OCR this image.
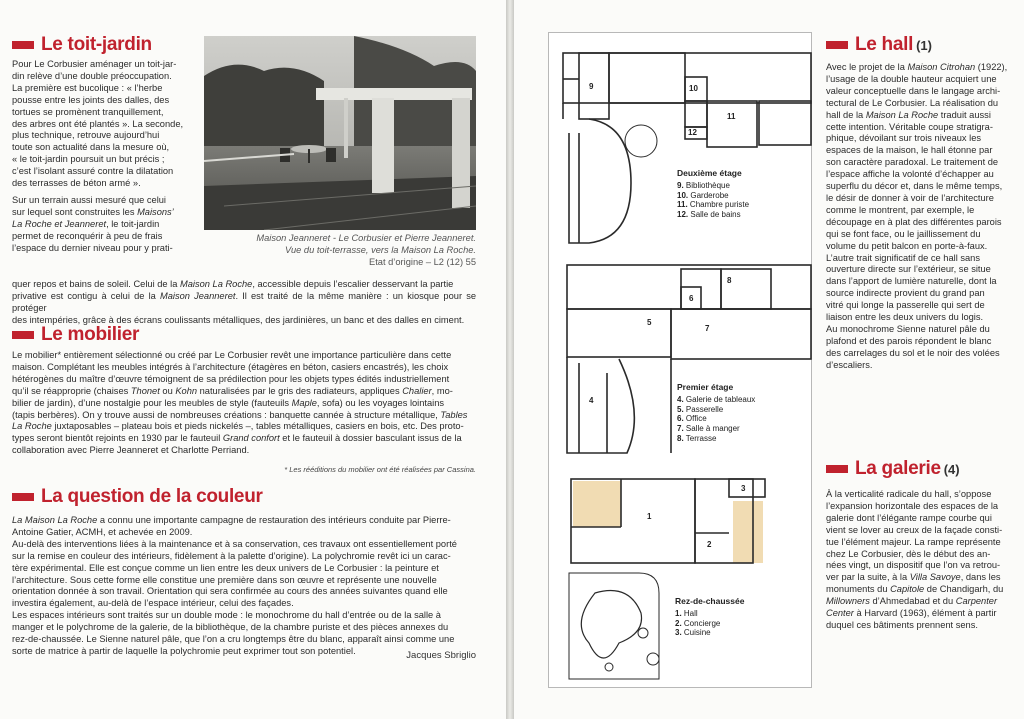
Le toit-jardin

Pour Le Corbusier aménager un toit-jar-

din relève d’une double préoccupation.

La première est bucolique : « l’herbe

pousse entre les joints des dalles, des

tortues se promènent tranquillement,

des arbres ont été plantés ». La seconde,

plus technique, retrouve aujourd’hui

toute son actualité dans la mesure où,

« le toit-jardin poursuit un but précis ;

c’est l’isolant assuré contre la dilatation

des terrasses de béton armé ».

Sur un terrain aussi mesuré que celui

sur lequel sont construites les Maisons’

La Roche et Jeanneret, le toit-jardin

permet de reconquérir à peu de frais

l’espace du dernier niveau pour y prati-

Maison Jeanneret - Le Corbusier et Pierre Jeanneret.

Vue du toit-terrasse, vers la Maison La Roche.

Etat d’origine – L2 (12) 55

quer repos et bains de soleil. Celui de la Maison La Roche, accessible depuis l’escalier desservant la partie

privative est contigu à celui de la Maison Jeanneret. Il est traité de la même manière : un kiosque pour se protéger

des intempéries, grâce à des écrans coulissants métalliques, des jardinières, un banc et des dalles en ciment.

Le mobilier

Le mobilier* entièrement sélectionné ou créé par Le Corbusier revêt une importance particulière dans cette

maison. Complétant les meubles intégrés à l’architecture (étagères en béton, casiers encastrés), les choix

hétérogènes du maître d’œuvre témoignent de sa prédilection pour les objets types édités industriellement

qu’il se réapproprie (chaises Thonet ou Kohn naturalisées par le gris des radiateurs, appliques Chalier, mo-

bilier de jardin), d’une nostalgie pour les meubles de style (fauteuils Maple, sofa) ou les voyages lointains

(tapis berbères). On y trouve aussi de nombreuses créations : banquette cannée à structure métallique, Tables

La Roche juxtaposables – plateau bois et pieds nickelés –, tables métalliques, casiers en bois, etc. Des proto-

types seront bientôt rejoints en 1930 par le fauteuil Grand confort et le fauteuil à dossier basculant issus de la

collaboration avec Pierre Jeanneret et Charlotte Perriand.

* Les rééditions du mobilier ont été réalisées par Cassina.
La question de la couleur

La Maison La Roche a connu une importante campagne de restauration des intérieurs conduite par Pierre-

Antoine Gatier, ACMH, et achevée en 2009.

Au-delà des interventions liées à la maintenance et à sa conservation, ces travaux ont essentiellement porté

sur la remise en couleur des intérieurs, fidèlement à la palette d’origine). La polychromie revêt ici un carac-

tère expérimental. Elle est conçue comme un lien entre les deux univers de Le Corbusier : la peinture et

l’architecture. Sous cette forme elle constitue une première dans son œuvre et représente une nouvelle

orientation donnée à son travail. Orientation qui sera confirmée au cours des années suivantes quand elle

investira également, au-delà de l’espace intérieur, celui des façades.

Les espaces intérieurs sont traités sur un double mode : le monochrome du hall d’entrée ou de la salle à

manger et le polychrome de la galerie, de la bibliothèque, de la chambre puriste et des pièces annexes du

rez-de-chaussée. Le Sienne naturel pâle, que l’on a cru longtemps être du blanc, apparaît ainsi comme une

sorte de matrice à partir de laquelle la polychromie peut exprimer tout son potentiel.	Jacques Sbriglio
9	10
11
12
4
5
6
7
8
1
2
3
Deuxième étage
9. Bibliothèque
10. Garderobe
11. Chambre puriste
12. Salle de bains
Premier étage
4. Galerie de tableaux
5. Passerelle
6. Office
7. Salle à manger
8. Terrasse
Rez-de-chaussée
1. Hall
2. Concierge
3. Cuisine
Le hall (1)

Avec le projet de la Maison Citrohan (1922),

l’usage de la double hauteur acquiert une

valeur conceptuelle dans le langage archi-

tectural de Le Corbusier. La réalisation du

hall de la Maison La Roche traduit aussi

cette intention. Véritable coupe stratigra-

phique, dévoilant sur trois niveaux les

espaces de la maison, le hall étonne par

son caractère paradoxal. Le traitement de

l’espace affiche la volonté d’échapper au

superflu du décor et, dans le même temps,

le désir de donner à voir de l’architecture

comme le montrent, par exemple, le

découpage en à plat des différentes parois

qui se font face, ou le jaillissement du

volume du petit balcon en porte-à-faux.

L’autre trait significatif de ce hall sans

ouverture directe sur l’extérieur, se situe

dans l’apport de lumière naturelle, dont la

source indirecte provient du grand pan

vitré qui longe la passerelle qui sert de

liaison entre les deux univers du logis.

Au monochrome Sienne naturel pâle du

plafond et des parois répondent le blanc

des carrelages du sol et le noir des volées

d’escaliers.

La galerie (4)

À la verticalité radicale du hall, s’oppose

l’expansion horizontale des espaces de la

galerie dont l’élégante rampe courbe qui

vient se lover au creux de la façade consti-

tue l’élément majeur. La rampe représente

chez Le Corbusier, dès le début des an-

nées vingt, un dispositif que l’on va retrou-

ver par la suite, à la Villa Savoye, dans les

monuments du Capitole de Chandigarh, du

Millowners d’Ahmedabad et du Carpenter

Center à Harvard (1963), élément à partir

duquel ces bâtiments prennent sens.
